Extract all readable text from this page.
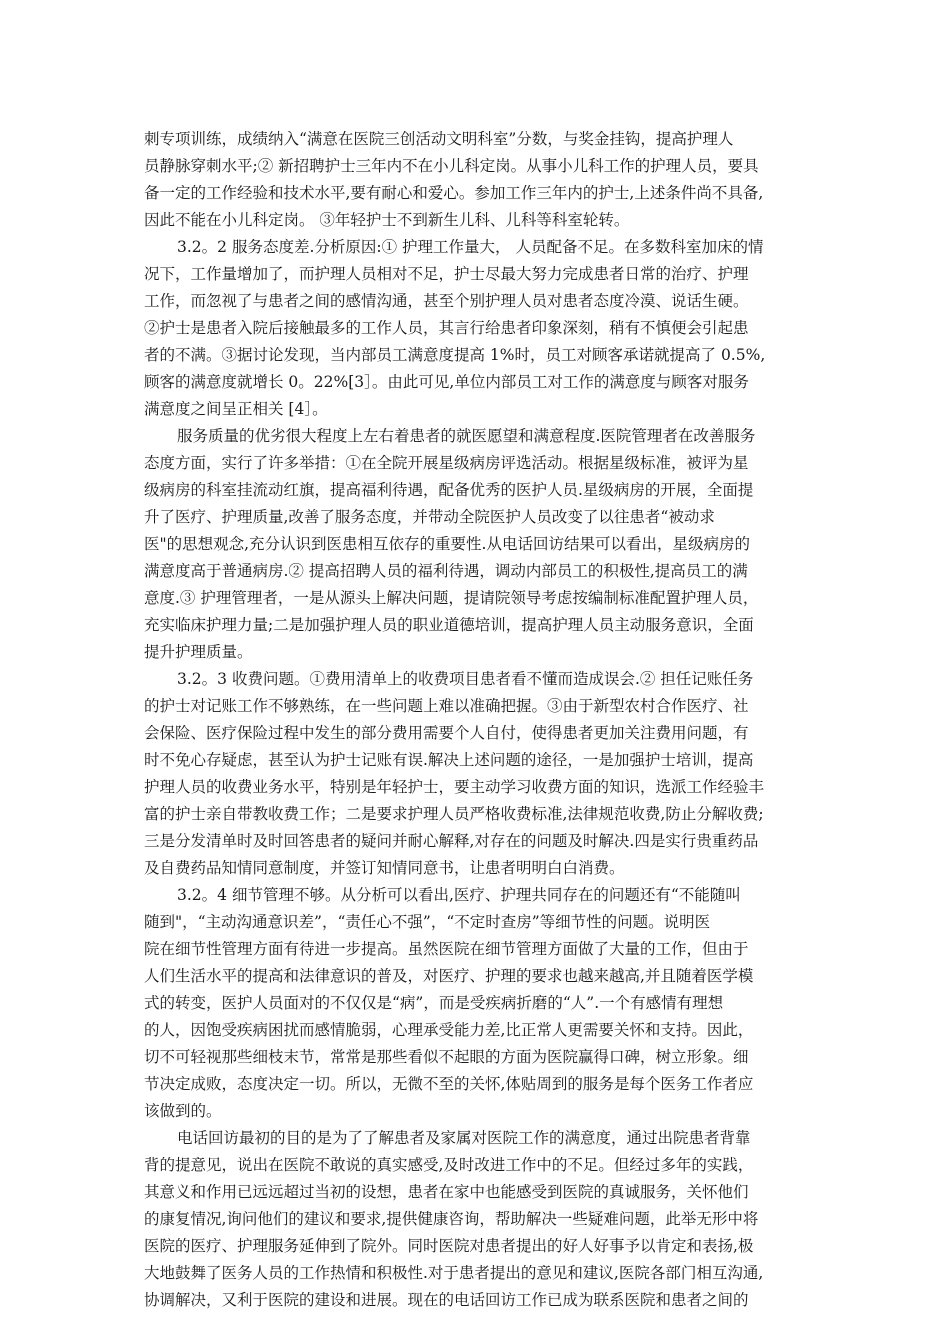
刺专项训练，成绩纳入“满意在医院三创活动文明科室”分数，与奖金挂钩，提高护理人
员静脉穿刺水平;② 新招聘护士三年内不在小儿科定岗。从事小儿科工作的护理人员，要具
备一定的工作经验和技术水平,要有耐心和爱心。参加工作三年内的护士,上述条件尚不具备,
因此不能在小儿科定岗。 ③年轻护士不到新生儿科、儿科等科室轮转。
3.2。2 服务态度差.分析原因:① 护理工作量大， 人员配备不足。在多数科室加床的情
况下，工作量增加了，而护理人员相对不足，护士尽最大努力完成患者日常的治疗、护理
工作，而忽视了与患者之间的感情沟通，甚至个别护理人员对患者态度冷漠、说话生硬。
②护士是患者入院后接触最多的工作人员，其言行给患者印象深刻，稍有不慎便会引起患
者的不满。③据讨论发现，当内部员工满意度提高 1%时，员工对顾客承诺就提高了 0.5%,
顾客的满意度就增长 0。22%[3］。由此可见,单位内部员工对工作的满意度与顾客对服务
满意度之间呈正相关 [4］。
服务质量的优劣很大程度上左右着患者的就医愿望和满意程度.医院管理者在改善服务
态度方面，实行了许多举措：①在全院开展星级病房评选活动。根据星级标准，被评为星
级病房的科室挂流动红旗，提高福利待遇，配备优秀的医护人员.星级病房的开展，全面提
升了医疗、护理质量,改善了服务态度，并带动全院医护人员改变了以往患者“被动求
医"的思想观念,充分认识到医患相互依存的重要性.从电话回访结果可以看出，星级病房的
满意度高于普通病房.② 提高招聘人员的福利待遇，调动内部员工的积极性,提高员工的满
意度.③ 护理管理者，一是从源头上解决问题，提请院领导考虑按编制标准配置护理人员，
充实临床护理力量;二是加强护理人员的职业道德培训，提高护理人员主动服务意识，全面
提升护理质量。
3.2。3 收费问题。①费用清单上的收费项目患者看不懂而造成误会.② 担任记账任务
的护士对记账工作不够熟练，在一些问题上难以准确把握。③由于新型农村合作医疗、社
会保险、医疗保险过程中发生的部分费用需要个人自付，使得患者更加关注费用问题，有
时不免心存疑虑，甚至认为护士记账有误.解决上述问题的途径，一是加强护士培训，提高
护理人员的收费业务水平，特别是年轻护士，要主动学习收费方面的知识，选派工作经验丰
富的护士亲自带教收费工作；二是要求护理人员严格收费标准,法律规范收费,防止分解收费;
三是分发清单时及时回答患者的疑问并耐心解释,对存在的问题及时解决.四是实行贵重药品
及自费药品知情同意制度，并签订知情同意书，让患者明明白白消费。
3.2。4 细节管理不够。从分析可以看出,医疗、护理共同存在的问题还有“不能随叫
随到"，“主动沟通意识差”，“责任心不强”，“不定时查房”等细节性的问题。说明医
院在细节性管理方面有待进一步提高。虽然医院在细节管理方面做了大量的工作，但由于
人们生活水平的提高和法律意识的普及，对医疗、护理的要求也越来越高,并且随着医学模
式的转变，医护人员面对的不仅仅是“病”，而是受疾病折磨的“人”.一个有感情有理想
的人，因饱受疾病困扰而感情脆弱，心理承受能力差,比正常人更需要关怀和支持。因此，
切不可轻视那些细枝末节，常常是那些看似不起眼的方面为医院赢得口碑，树立形象。细
节决定成败，态度决定一切。所以，无微不至的关怀,体贴周到的服务是每个医务工作者应
该做到的。
电话回访最初的目的是为了了解患者及家属对医院工作的满意度，通过出院患者背靠
背的提意见，说出在医院不敢说的真实感受,及时改进工作中的不足。但经过多年的实践，
其意义和作用已远远超过当初的设想，患者在家中也能感受到医院的真诚服务，关怀他们
的康复情况,询问他们的建议和要求,提供健康咨询，帮助解决一些疑难问题，此举无形中将
医院的医疗、护理服务延伸到了院外。同时医院对患者提出的好人好事予以肯定和表扬,极
大地鼓舞了医务人员的工作热情和积极性.对于患者提出的意见和建议,医院各部门相互沟通,
协调解决，又利于医院的建设和进展。现在的电话回访工作已成为联系医院和患者之间的
